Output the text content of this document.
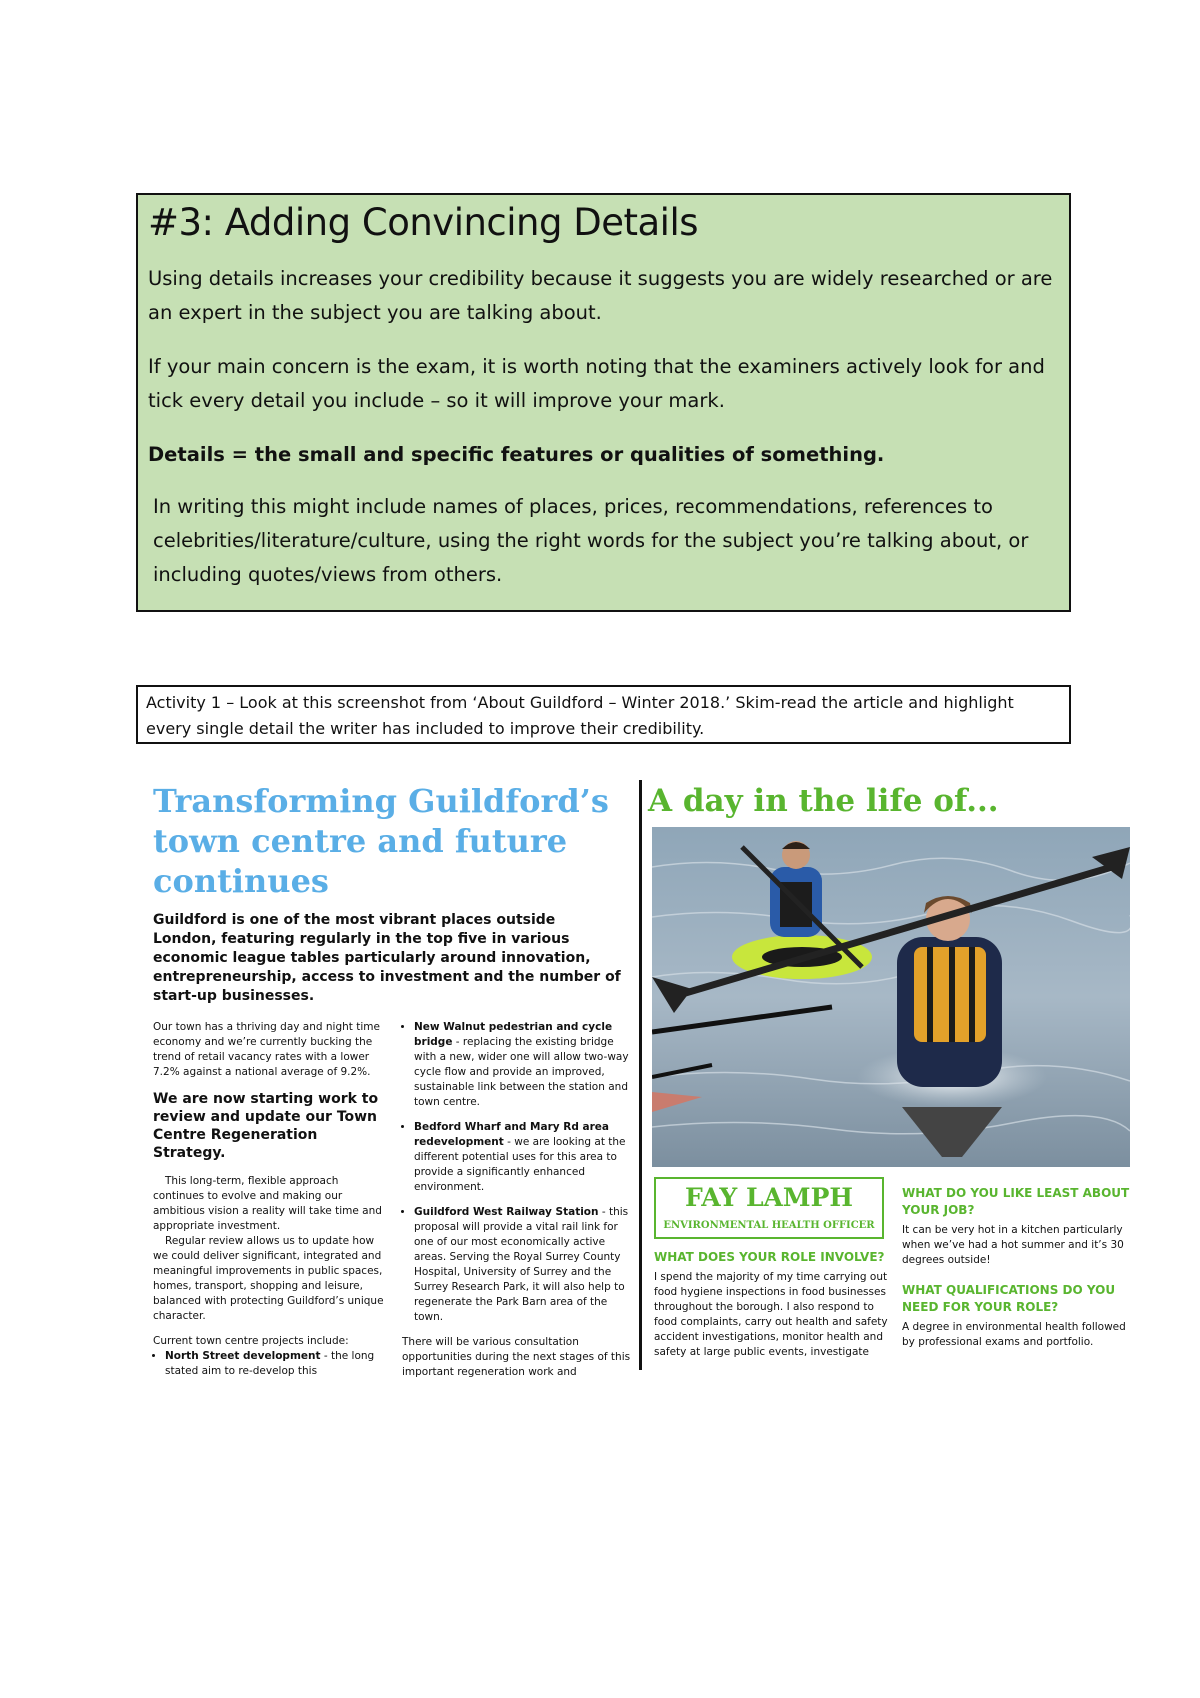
#3: Adding Convincing Details

Using details increases your credibility because it suggests you are widely researched or are an expert in the subject you are talking about.

If your main concern is the exam, it is worth noting that the examiners actively look for and tick every detail you include – so it will improve your mark.

Details = the small and specific features or qualities of something.

In writing this might include names of places, prices, recommendations, references to celebrities/literature/culture, using the right words for the subject you’re talking about, or including quotes/views from others.

Activity 1 – Look at this screenshot from ‘About Guildford – Winter 2018.’ Skim-read the article and highlight every single detail the writer has included to improve their credibility.
Transforming Guildford’s town centre and future continues
Guildford is one of the most vibrant places outside London, featuring regularly in the top five in various economic league tables particularly around innovation, entrepreneurship, access to investment and the number of start-up businesses.

Our town has a thriving day and night time economy and we’re currently bucking the trend of retail vacancy rates with a lower 7.2% against a national average of 9.2%.

We are now starting work to review and update our Town Centre Regeneration Strategy.

This long-term, flexible approach continues to evolve and making our ambitious vision a reality will take time and appropriate investment.

Regular review allows us to update how we could deliver significant, integrated and meaningful improvements in public spaces, homes, transport, shopping and leisure, balanced with protecting Guildford’s unique character.

Current town centre projects include:

• North Street development - the long stated aim to re-develop this
• New Walnut pedestrian and cycle bridge - replacing the existing bridge with a new, wider one will allow two-way cycle flow and provide an improved, sustainable link between the station and town centre.
• Bedford Wharf and Mary Rd area redevelopment - we are looking at the different potential uses for this area to provide a significantly enhanced environment.
• Guildford West Railway Station - this proposal will provide a vital rail link for one of our most economically active areas. Serving the Royal Surrey County Hospital, University of Surrey and the Surrey Research Park, it will also help to regenerate the Park Barn area of the town.

There will be various consultation opportunities during the next stages of this important regeneration work and

A day in the life of...
FAY LAMPH
ENVIRONMENTAL HEALTH OFFICER
WHAT DOES YOUR ROLE INVOLVE?
I spend the majority of my time carrying out food hygiene inspections in food businesses throughout the borough. I also respond to food complaints, carry out health and safety accident investigations, monitor health and safety at large public events, investigate
WHAT DO YOU LIKE LEAST ABOUT YOUR JOB?
It can be very hot in a kitchen particularly when we’ve had a hot summer and it’s 30 degrees outside!
WHAT QUALIFICATIONS DO YOU NEED FOR YOUR ROLE?
A degree in environmental health followed by professional exams and portfolio.
